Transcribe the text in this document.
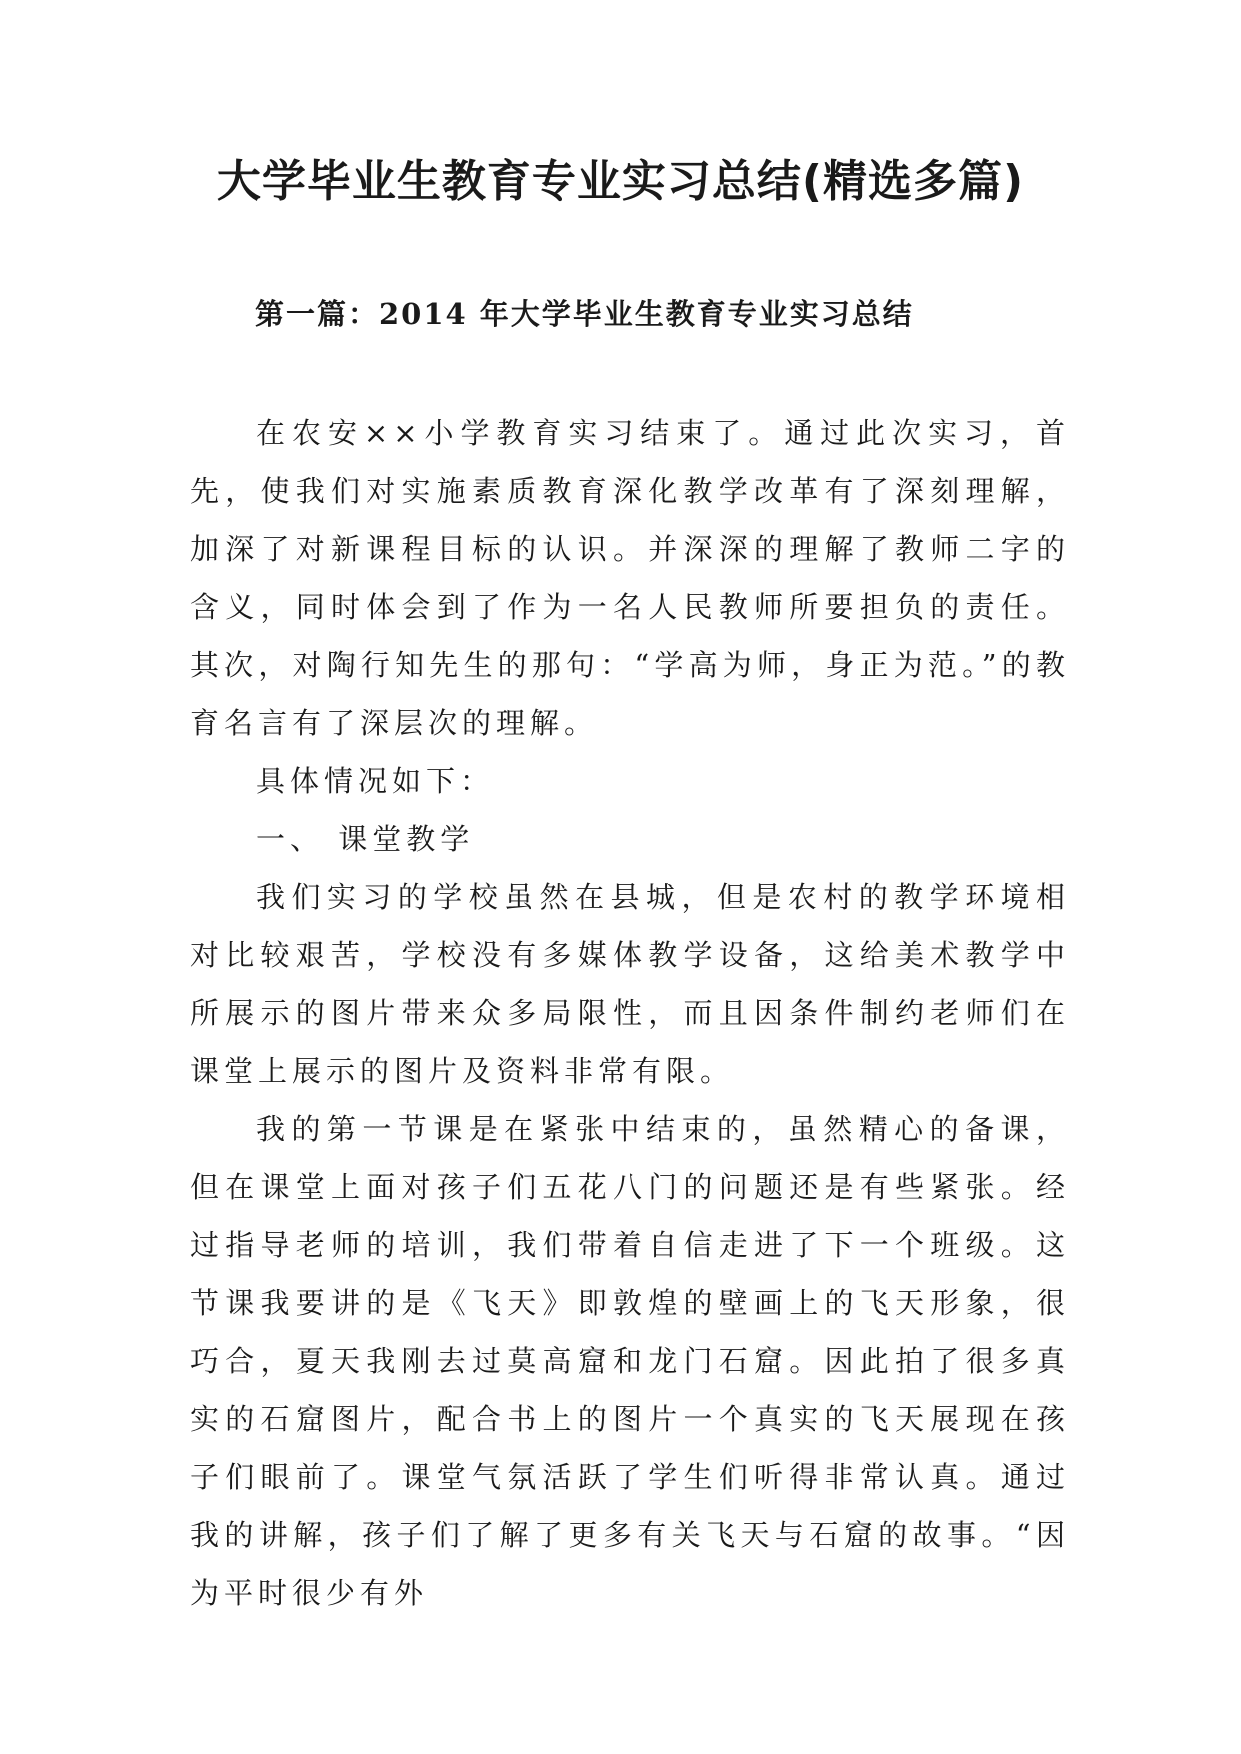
大学毕业生教育专业实习总结(精选多篇)
第一篇：2014 年大学毕业生教育专业实习总结

在农安××小学教育实习结束了。通过此次实习，首先，使我们对实施素质教育深化教学改革有了深刻理解，加深了对新课程目标的认识。并深深的理解了教师二字的含义，同时体会到了作为一名人民教师所要担负的责任。其次，对陶行知先生的那句：“学高为师，身正为范。”的教育名言有了深层次的理解。

具体情况如下：

一、 课堂教学

我们实习的学校虽然在县城，但是农村的教学环境相对比较艰苦，学校没有多媒体教学设备，这给美术教学中所展示的图片带来众多局限性，而且因条件制约老师们在课堂上展示的图片及资料非常有限。

我的第一节课是在紧张中结束的，虽然精心的备课，但在课堂上面对孩子们五花八门的问题还是有些紧张。经过指导老师的培训，我们带着自信走进了下一个班级。这节课我要讲的是《飞天》即敦煌的壁画上的飞天形象，很巧合，夏天我刚去过莫高窟和龙门石窟。因此拍了很多真实的石窟图片，配合书上的图片一个真实的飞天展现在孩子们眼前了。课堂气氛活跃了学生们听得非常认真。通过我的讲解，孩子们了解了更多有关飞天与石窟的故事。“因为平时很少有外
